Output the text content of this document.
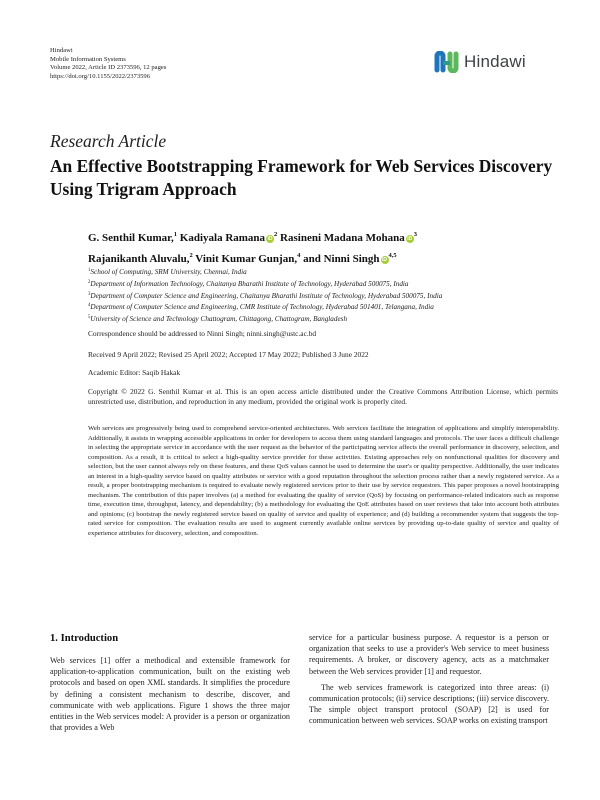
Hindawi
Mobile Information Systems
Volume 2022, Article ID 2373596, 12 pages
https://doi.org/10.1155/2022/2373596
Hindawi
Research Article
An Effective Bootstrapping Framework for Web Services Discovery Using Trigram Approach
G. Senthil Kumar,$^1$ Kadiyala Ramana $iD^2$ Rasineni Madana Mohana $iD^3$
Rajanikanth Aluvalu,$^2$ Vinit Kumar Gunjan,$^4$ and Ninni Singh iD$^{4,5}$
$^1$School of Computing, SRM University, Chennai, India
$^2$Department of Information Technology, Chaitanya Bharathi Institute of Technology, Hyderabad 500075, India
$^3$Department of Computer Science and Engineering, Chaitanya Bharathi Institute of Technology, Hyderabad 500075, India
$^4$Department of Computer Science and Engineering, CMR Institute of Technology, Hyderabad 501401, Telangana, India
$^5$University of Science and Technology Chattogram, Chittagong, Chattogram, Bangladesh
Correspondence should be addressed to Ninni Singh; ninni.singh@ustc.ac.bd
Received 9 April 2022; Revised 25 April 2022; Accepted 17 May 2022; Published 3 June 2022
Academic Editor: Saqib Hakak
Copyright © 2022 G. Senthil Kumar et al. This is an open access article distributed under the Creative Commons Attribution License, which permits unrestricted use, distribution, and reproduction in any medium, provided the original work is properly cited.
Web services are progressively being used to comprehend service-oriented architectures. Web services facilitate the integration of applications and simplify interoperability. Additionally, it assists in wrapping accessible applications in order for developers to access them using standard languages and protocols. The user faces a difficult challenge in selecting the appropriate service in accordance with the user request as the behavior of the participating service affects the overall performance in discovery, selection, and composition. As a result, it is critical to select a high-quality service provider for these activities. Existing approaches rely on nonfunctional qualities for discovery and selection, but the user cannot always rely on these features, and these QoS values cannot be used to determine the user's or quality perspective. Additionally, the user indicates an interest in a high-quality service based on quality attributes or service with a good reputation throughout the selection process rather than a newly registered service. As a result, a proper bootstrapping mechanism is required to evaluate newly registered services prior to their use by service requestors. This paper proposes a novel bootstrapping mechanism. The contribution of this paper involves (a) a method for evaluating the quality of service (QoS) by focusing on performance-related indicators such as response time, execution time, throughput, latency, and dependability; (b) a methodology for evaluating the QoE attributes based on user reviews that take into account both attributes and opinions; (c) bootstrap the newly registered service based on quality of service and quality of experience; and (d) building a recommender system that suggests the top-rated service for composition. The evaluation results are used to augment currently available online services by providing up-to-date quality of service and quality of experience attributes for discovery, selection, and composition.
1. Introduction

Web services [1] offer a methodical and extensible framework for application-to-application communication, built on the existing web protocols and based on open XML standards. It simplifies the procedure by defining a consistent mechanism to describe, discover, and communicate with web applications. Figure 1 shows the three major entities in the Web services model: A provider is a person or organization that provides a Web

service for a particular business purpose. A requestor is a person or organization that seeks to use a provider's Web service to meet business requirements. A broker, or discovery agency, acts as a matchmaker between the Web services provider [1] and requestor.

The web services framework is categorized into three areas: (i) communication protocols; (ii) service descriptions; (iii) service discovery. The simple object transport protocol (SOAP) [2] is used for communication between web services. SOAP works on existing transport
